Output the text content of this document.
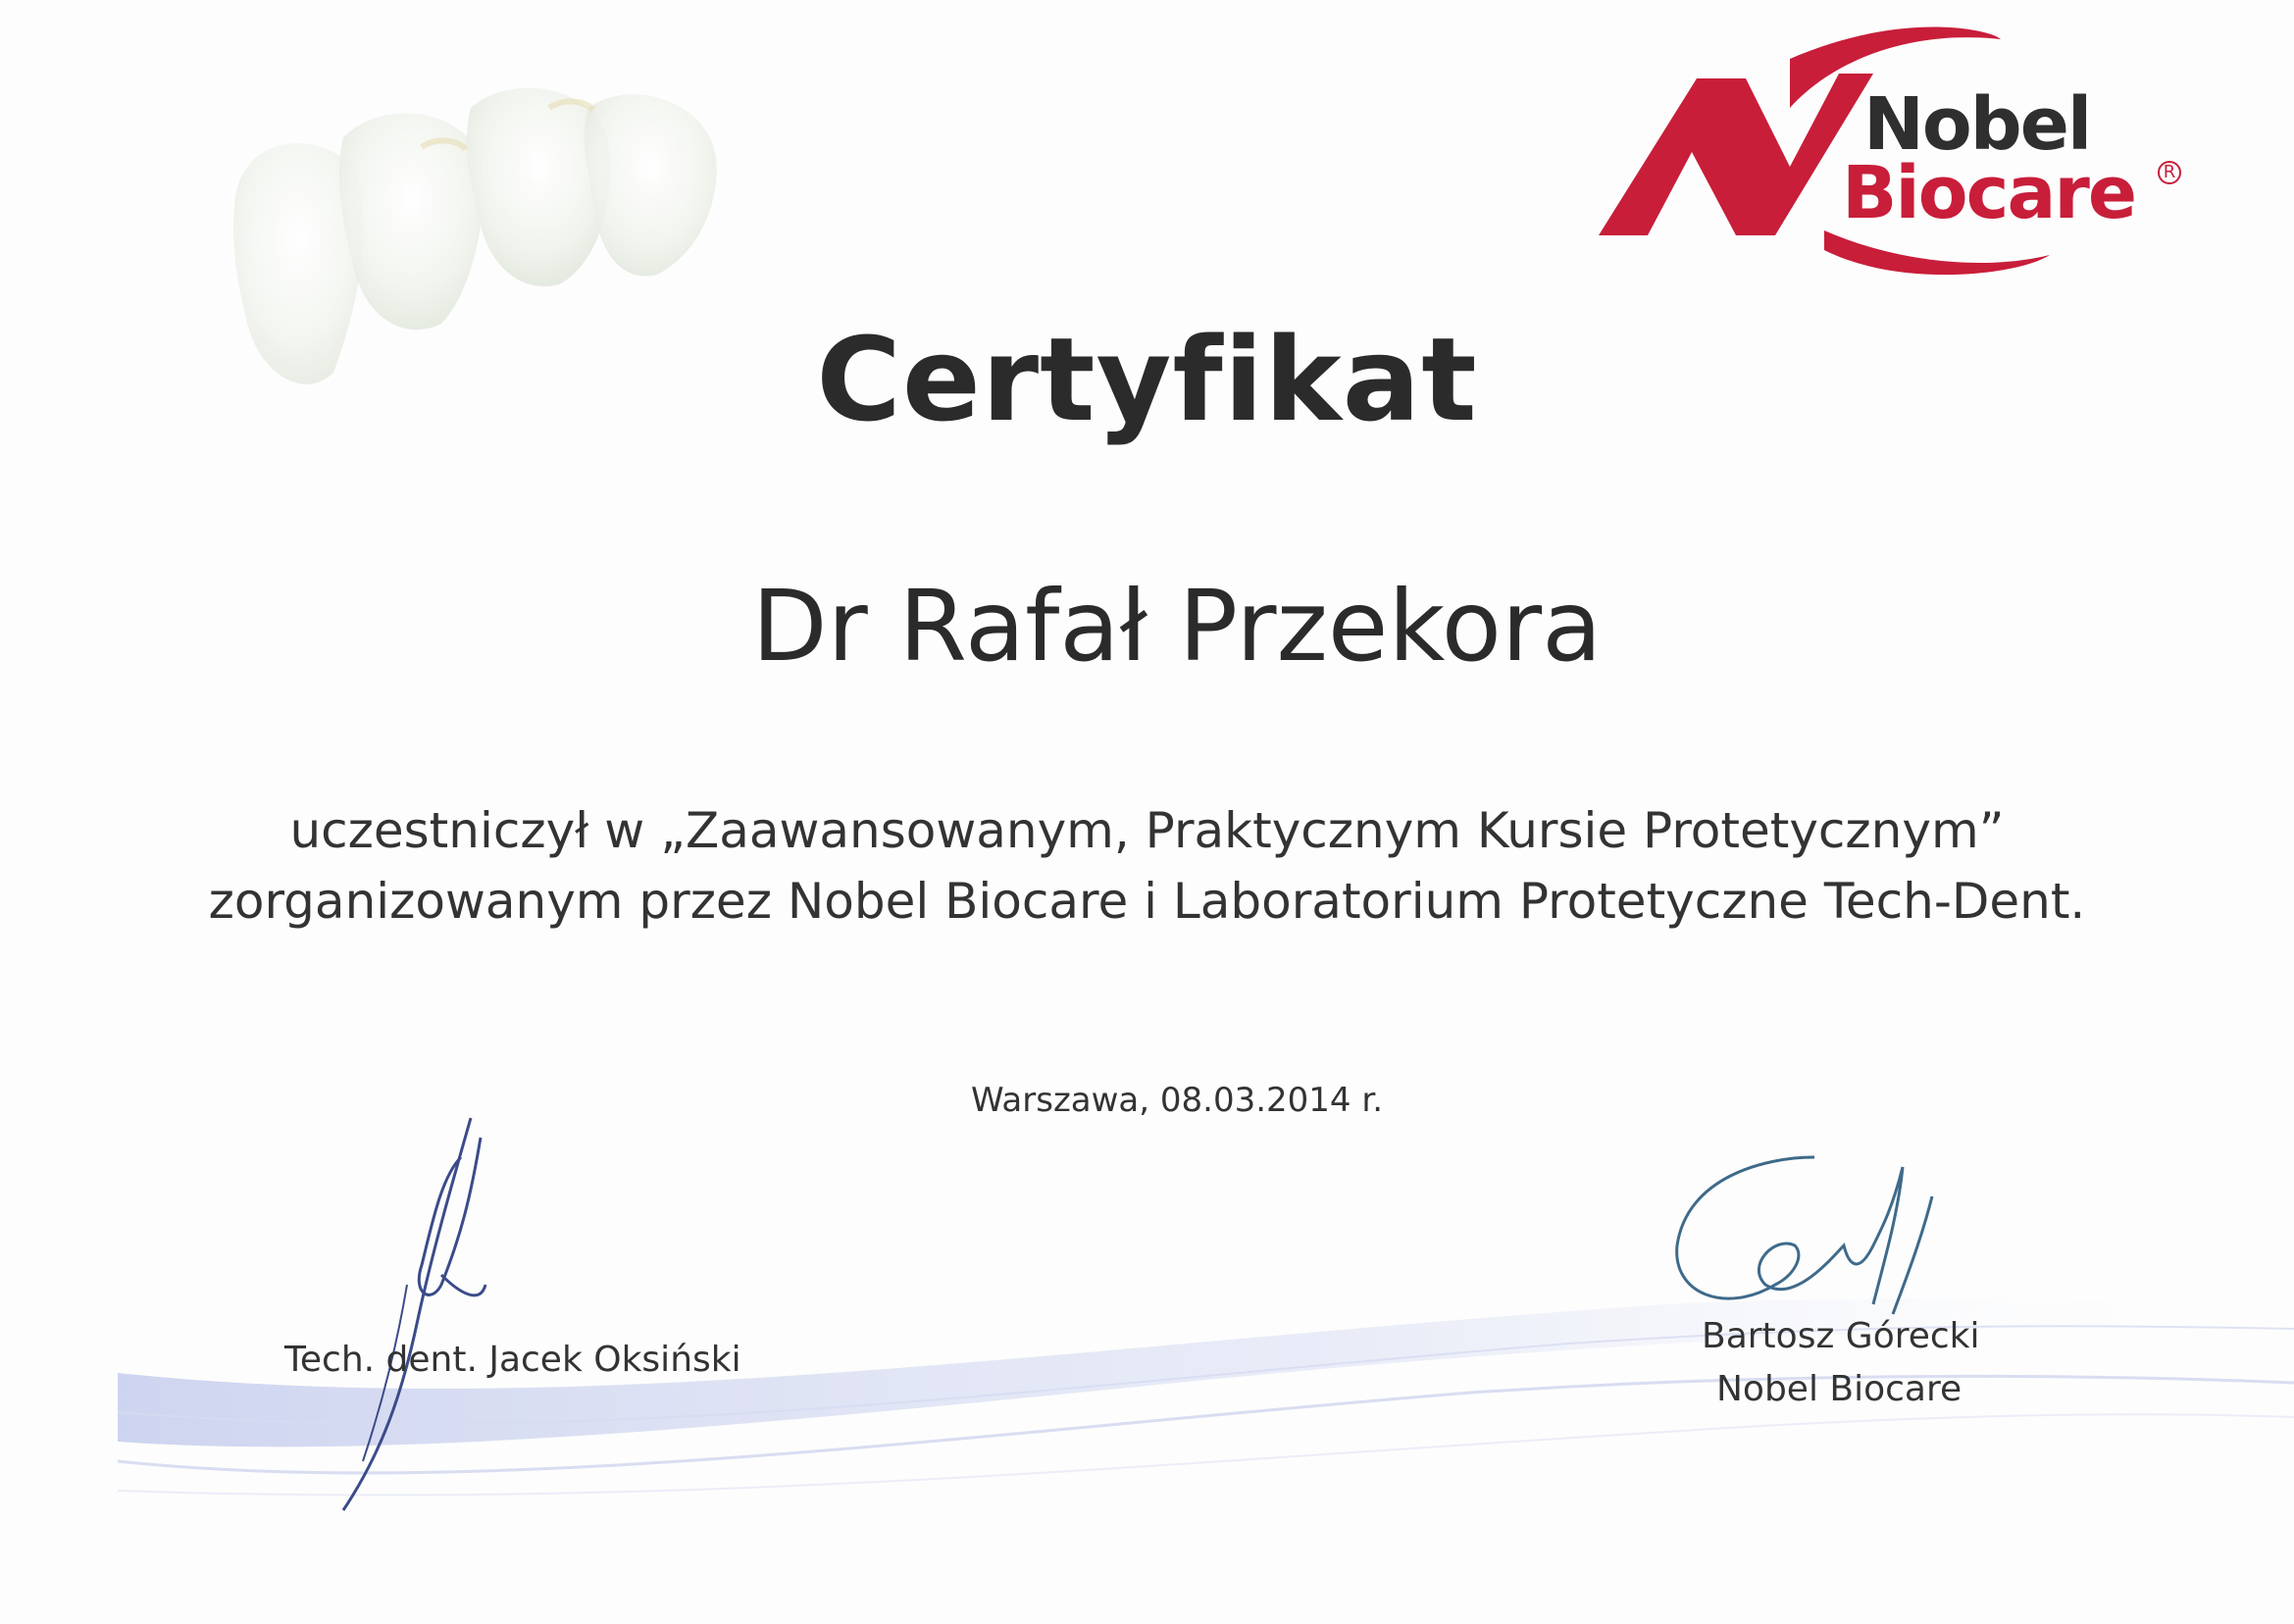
Nobel
Biocare	R
Certyfikat
Dr Rafał Przekora
uczestniczył w „Zaawansowanym, Praktycznym Kursie Protetycznym”
zorganizowanym przez Nobel Biocare i Laboratorium Protetyczne Tech-Dent.
Warszawa, 08.03.2014 r.
Tech. dent. Jacek Oksiński
Bartosz Górecki
Nobel Biocare
